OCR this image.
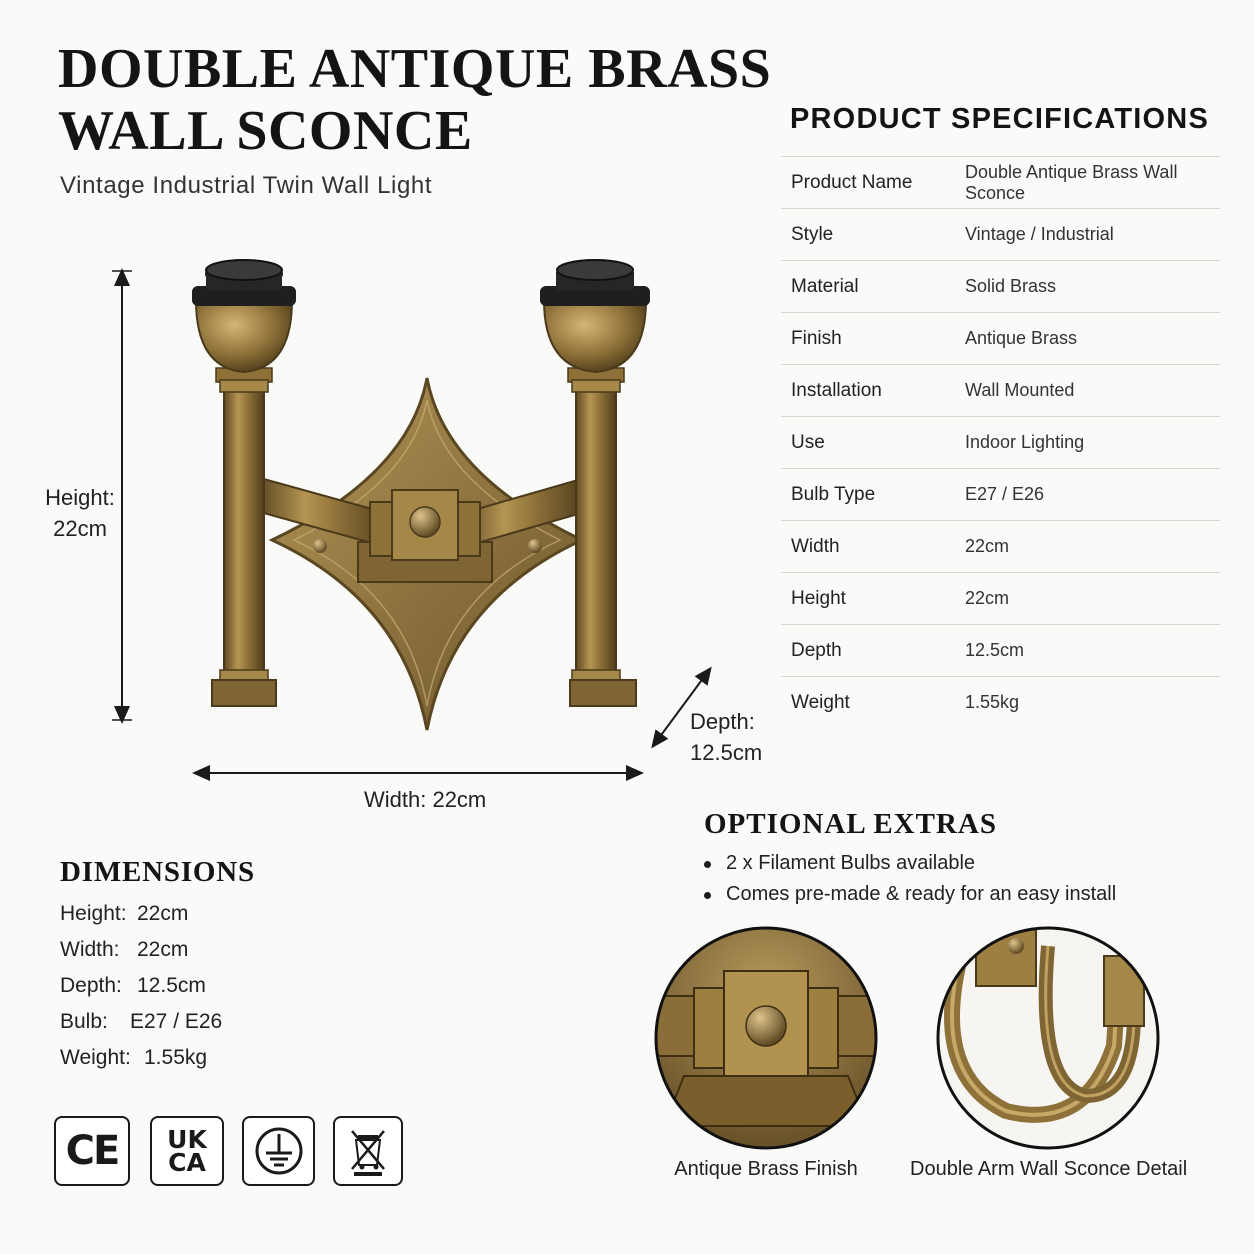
DOUBLE ANTIQUE BRASS
WALL SCONCE
Vintage Industrial Twin Wall Light
Height:
22cm
Width: 22cm
Depth:
12.5cm
PRODUCT SPECIFICATIONS
Product Name	Double Antique Brass Wall Sconce
Style	Vintage / Industrial
Material	Solid Brass
Finish	Antique Brass
Installation	Wall Mounted
Use	Indoor Lighting
Bulb Type	E27 / E26
Width	22cm
Height	22cm
Depth	12.5cm
Weight	1.55kg
OPTIONAL EXTRAS
2 x Filament Bulbs available
Comes pre-made & ready for an easy install
Antique Brass Finish	Double Arm Wall Sconce Detail
DIMENSIONS
Height: 22cm
Width: 22cm
Depth: 12.5cm
Bulb:	E27 / E26
Weight: 1.55kg
CE UK
CA
